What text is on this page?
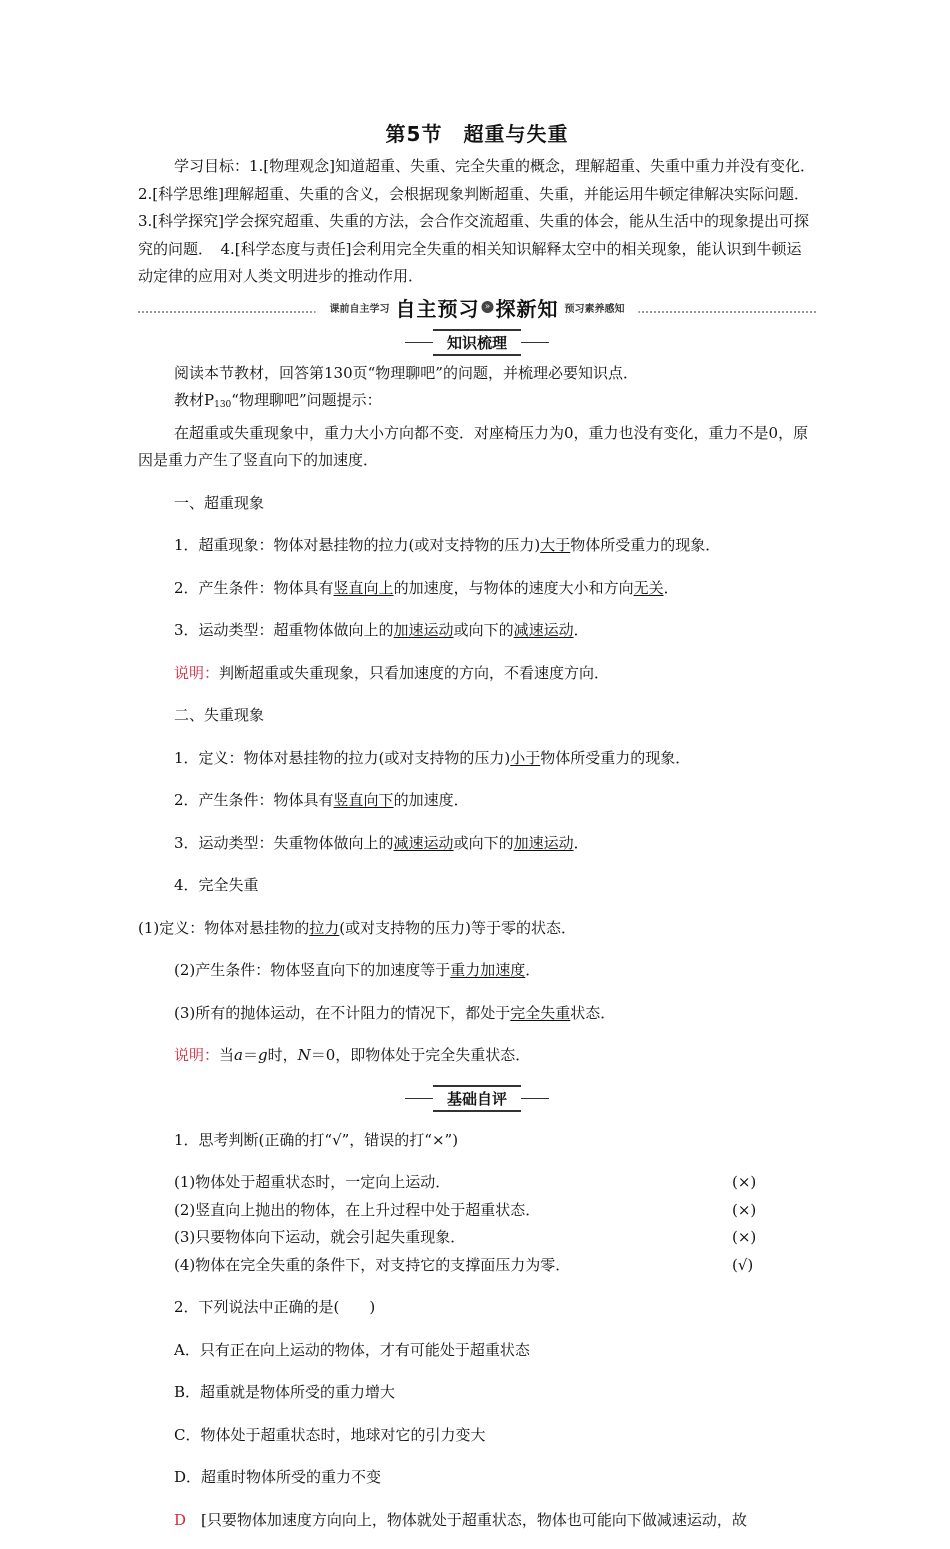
第5节　超重与失重

学习目标：1.[物理观念]知道超重、失重、完全失重的概念，理解超重、失重中重力并没有变化．　2.[科学思维]理解超重、失重的含义，会根据现象判断超重、失重，并能运用牛顿定律解决实际问题．　3.[科学探究]学会探究超重、失重的方法，会合作交流超重、失重的体会，能从生活中的现象提出可探究的问题．　4.[科学态度与责任]会利用完全失重的相关知识解释太空中的相关现象，能认识到牛顿运动定律的应用对人类文明进步的推动作用．

课前自主学习 自主预习 » 探新知 预习素养感知
知识梳理

阅读本节教材，回答第130页“物理聊吧”的问题，并梳理必要知识点．

教材$P_{130}“$物理聊吧”问题提示：

在超重或失重现象中，重力大小方向都不变．对座椅压力为0，重力也没有变化，重力不是0，原因是重力产生了竖直向下的加速度．

一、超重现象

1．超重现象：物体对悬挂物的拉力(或对支持物的压力)大于物体所受重力的现象．

2．产生条件：物体具有竖直向上的加速度，与物体的速度大小和方向无关．

3．运动类型：超重物体做向上的加速运动或向下的减速运动．

说明：判断超重或失重现象，只看加速度的方向，不看速度方向．

二、失重现象

1．定义：物体对悬挂物的拉力(或对支持物的压力)小于物体所受重力的现象．

2．产生条件：物体具有竖直向下的加速度．

3．运动类型：失重物体做向上的减速运动或向下的加速运动．

4．完全失重

(1)定义：物体对悬挂物的拉力(或对支持物的压力)等于零的状态．

(2)产生条件：物体竖直向下的加速度等于重力加速度．

(3)所有的抛体运动，在不计阻力的情况下，都处于完全失重状态．

说明：当a＝g时，N＝0，即物体处于完全失重状态．

基础自评

1．思考判断(正确的打“√”，错误的打“×”)

(1)物体处于超重状态时，一定向上运动．	(×)
(2)竖直向上抛出的物体，在上升过程中处于超重状态．	(×)
(3)只要物体向下运动，就会引起失重现象．	(×)
(4)物体在完全失重的条件下，对支持它的支撑面压力为零．	(√)

2．下列说法中正确的是(　　)

A．只有正在向上运动的物体，才有可能处于超重状态

B．超重就是物体所受的重力增大

C．物体处于超重状态时，地球对它的引力变大

D．超重时物体所受的重力不变

D　 [只要物体加速度方向向上，物体就处于超重状态，物体也可能向下做减速运动，故
